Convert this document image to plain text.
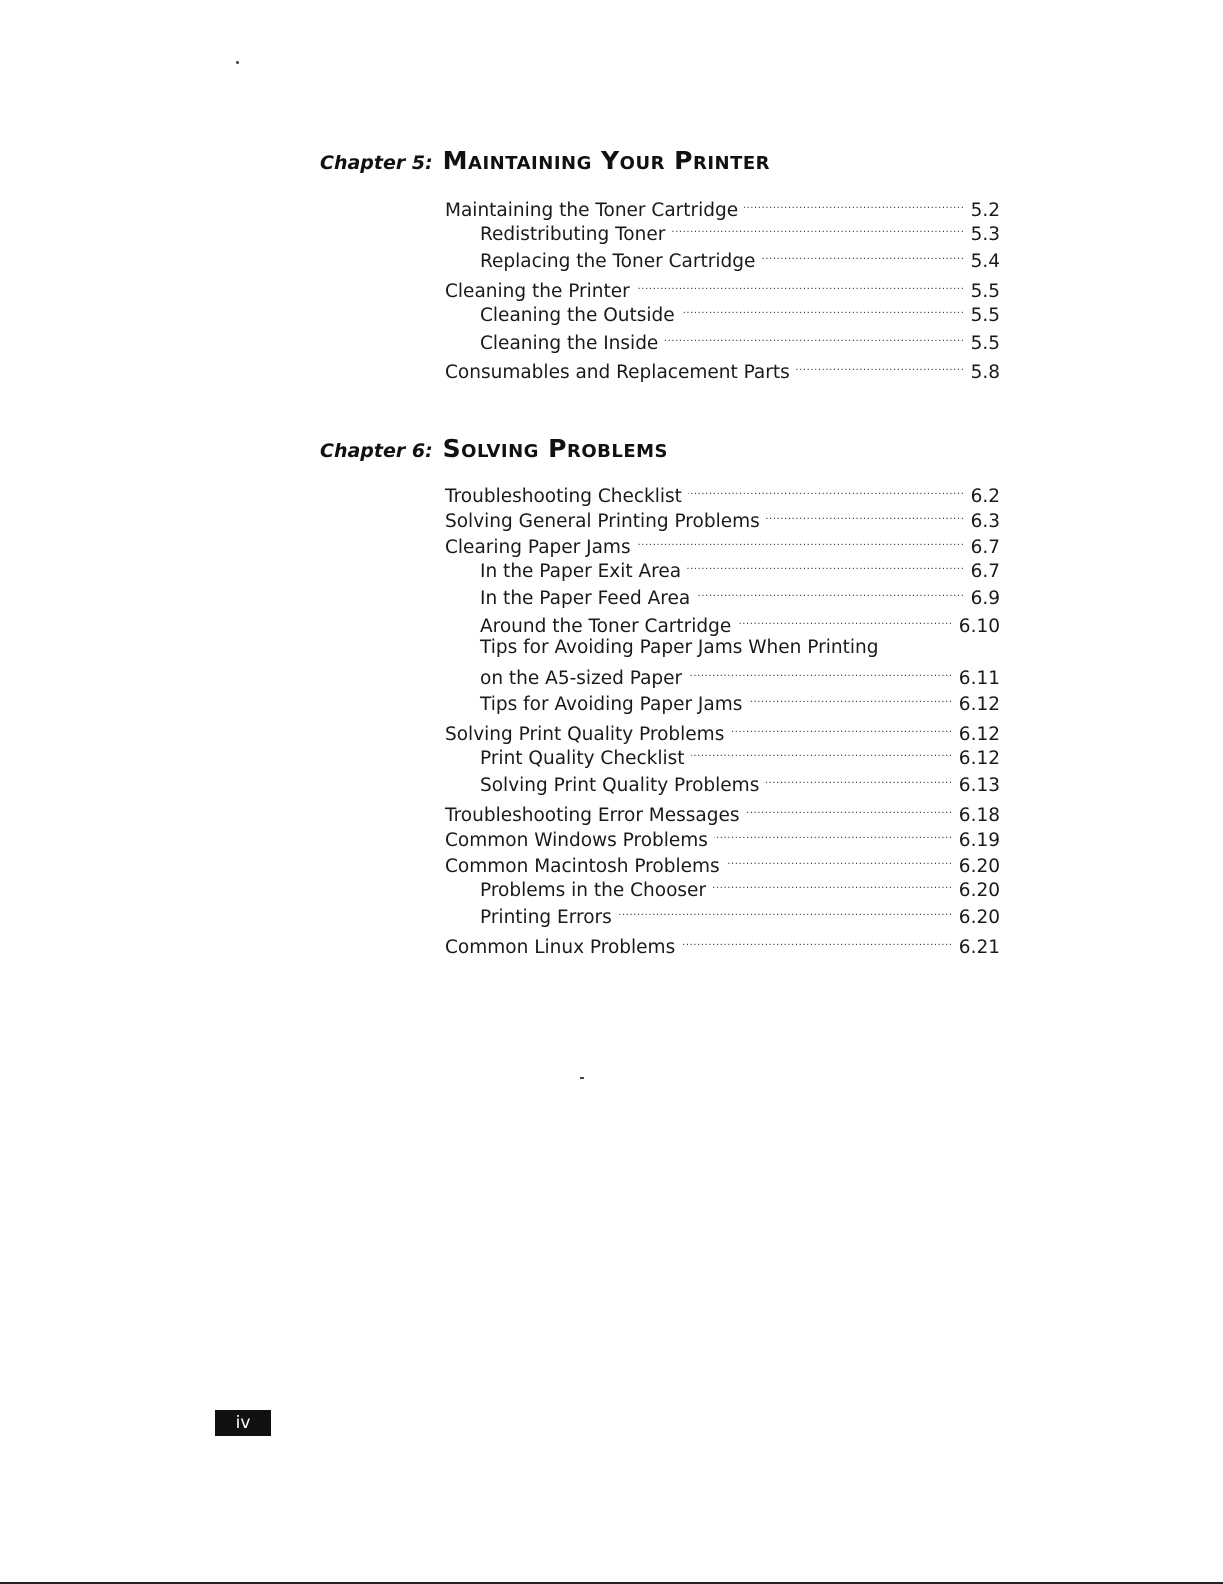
Chapter 5: Maintaining Your Printer
Maintaining the Toner Cartridge . . .	5.2
Redistributing Toner . . .	5.3
Replacing the Toner Cartridge . . .	5.4
Cleaning the Printer . . .	5.5
Cleaning the Outside . . .	5.5
Cleaning the Inside . . .	5.5
Consumables and Replacement Parts . . .	5.8
Chapter 6: Solving Problems
Troubleshooting Checklist . . .	6.2
Solving General Printing Problems . . .	6.3
Clearing Paper Jams . . .	6.7
In the Paper Exit Area . . .	6.7
In the Paper Feed Area . . .	6.9
Around the Toner Cartridge . . .	6.10
Tips for Avoiding Paper Jams When Printing
on the A5-sized Paper . . .	6.11
Tips for Avoiding Paper Jams . . .	6.12
Solving Print Quality Problems . . .	6.12
Print Quality Checklist . . .	6.12
Solving Print Quality Problems . . .	6.13
Troubleshooting Error Messages . . .	6.18
Common Windows Problems . . .	6.19
Common Macintosh Problems . . .	6.20
Problems in the Chooser . . .	6.20
Printing Errors . . .	6.20
Common Linux Problems . . .	6.21
iv
